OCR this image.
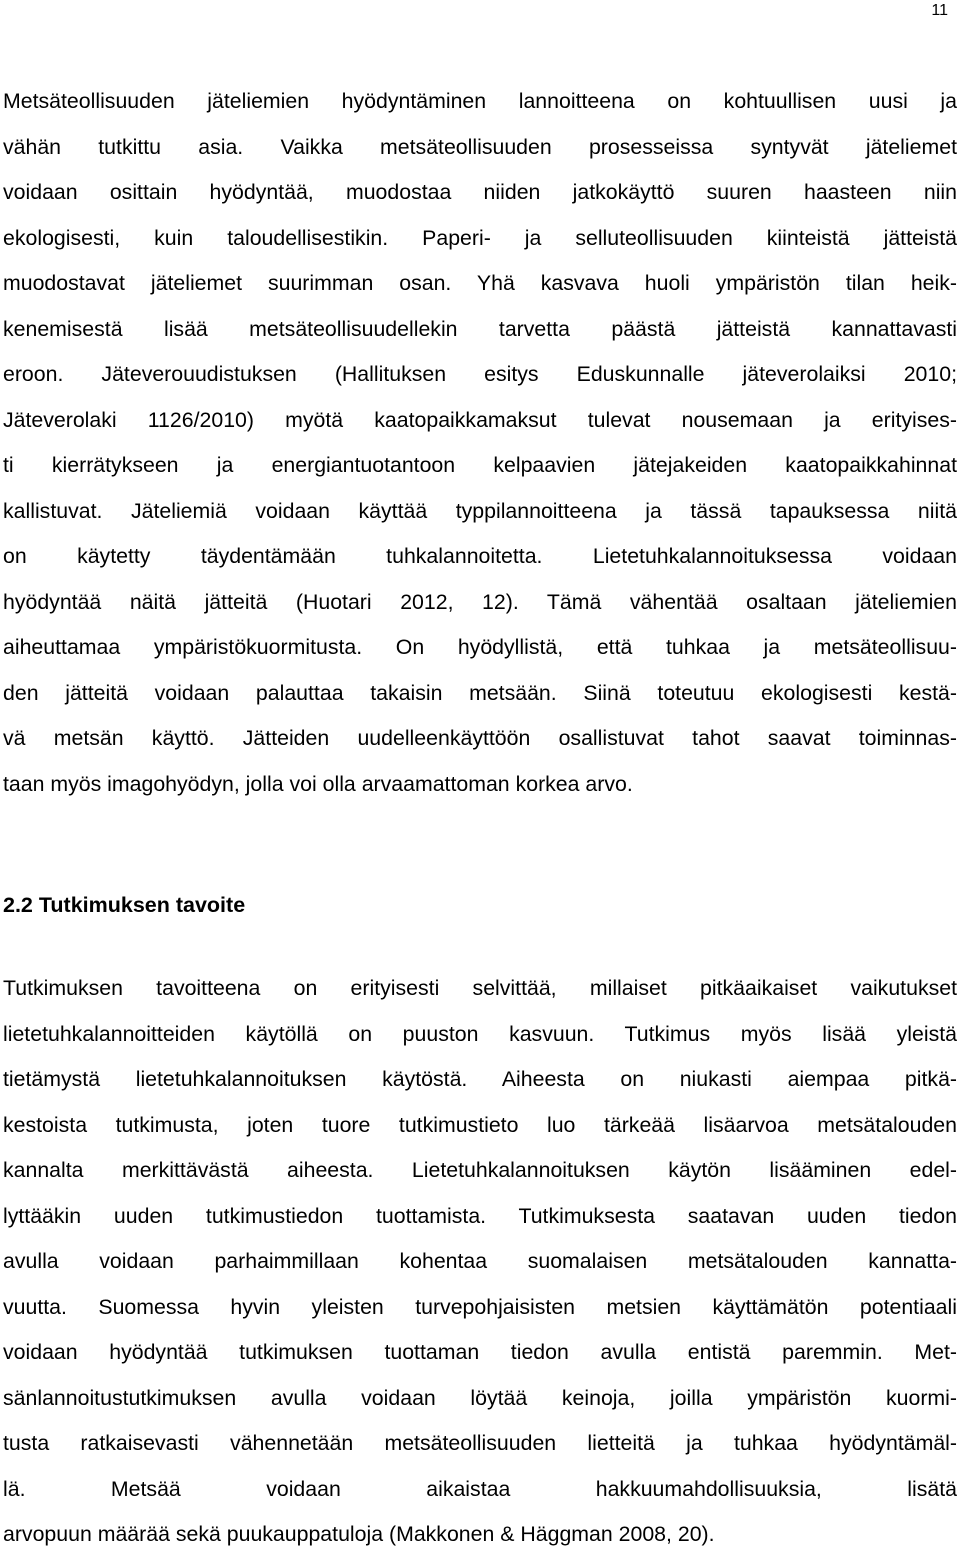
11
Metsäteollisuuden jäteliemien hyödyntäminen lannoitteena on kohtuullisen uusi ja
vähän tutkittu asia. Vaikka metsäteollisuuden prosesseissa syntyvät jäteliemet
voidaan osittain hyödyntää, muodostaa niiden jatkokäyttö suuren haasteen niin
ekologisesti, kuin taloudellisestikin. Paperi- ja selluteollisuuden kiinteistä jätteistä
muodostavat jäteliemet suurimman osan. Yhä kasvava huoli ympäristön tilan heik-
kenemisestä lisää metsäteollisuudellekin tarvetta päästä jätteistä kannattavasti
eroon. Jäteverouudistuksen (Hallituksen esitys Eduskunnalle jäteverolaiksi 2010;
Jäteverolaki 1126/2010) myötä kaatopaikkamaksut tulevat nousemaan ja erityises-
ti kierrätykseen ja energiantuotantoon kelpaavien jätejakeiden kaatopaikkahinnat
kallistuvat. Jäteliemiä voidaan käyttää typpilannoitteena ja tässä tapauksessa niitä
on käytetty täydentämään tuhkalannoitetta. Lietetuhkalannoituksessa voidaan
hyödyntää näitä jätteitä (Huotari 2012, 12). Tämä vähentää osaltaan jäteliemien
aiheuttamaa ympäristökuormitusta. On hyödyllistä, että tuhkaa ja metsäteollisuu-
den jätteitä voidaan palauttaa takaisin metsään. Siinä toteutuu ekologisesti kestä-
vä metsän käyttö. Jätteiden uudelleenkäyttöön osallistuvat tahot saavat toiminnas-
taan myös imagohyödyn, jolla voi olla arvaamattoman korkea arvo.
2.2 Tutkimuksen tavoite
Tutkimuksen tavoitteena on erityisesti selvittää, millaiset pitkäaikaiset vaikutukset
lietetuhkalannoitteiden käytöllä on puuston kasvuun. Tutkimus myös lisää yleistä
tietämystä lietetuhkalannoituksen käytöstä. Aiheesta on niukasti aiempaa pitkä-
kestoista tutkimusta, joten tuore tutkimustieto luo tärkeää lisäarvoa metsätalouden
kannalta merkittävästä aiheesta. Lietetuhkalannoituksen käytön lisääminen edel-
lyttääkin uuden tutkimustiedon tuottamista. Tutkimuksesta saatavan uuden tiedon
avulla voidaan parhaimmillaan kohentaa suomalaisen metsätalouden kannatta-
vuutta. Suomessa hyvin yleisten turvepohjaisisten metsien käyttämätön potentiaali
voidaan hyödyntää tutkimuksen tuottaman tiedon avulla entistä paremmin. Met-
sänlannoitustutkimuksen avulla voidaan löytää keinoja, joilla ympäristön kuormi-
tusta ratkaisevasti vähennetään metsäteollisuuden lietteitä ja tuhkaa hyödyntämäl-
lä. Metsää voidaan aikaistaa hakkuumahdollisuuksia, lisätä
arvopuun määrää sekä puukauppatuloja (Makkonen & Häggman 2008, 20).
